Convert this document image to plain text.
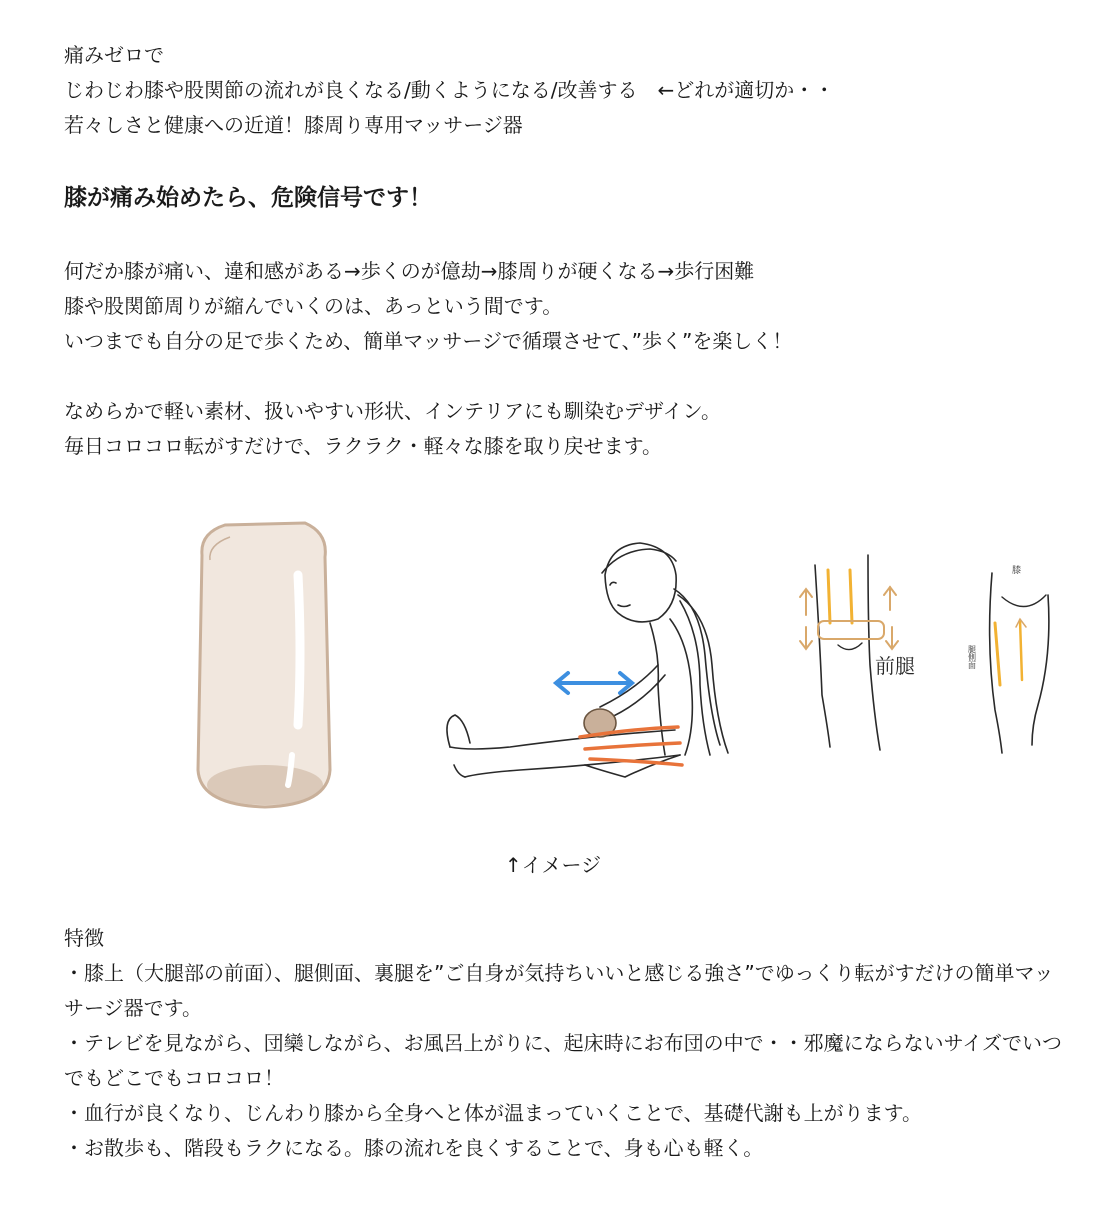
痛みゼロで

じわじわ膝や股関節の流れが良くなる/動くようになる/改善する　←どれが適切か・・

若々しさと健康への近道！膝周り専用マッサージ器

膝が痛み始めたら、危険信号です！

何だか膝が痛い、違和感がある→歩くのが億劫→膝周りが硬くなる→歩行困難

膝や股関節周りが縮んでいくのは、あっという間です。

いつまでも自分の足で歩くため、簡単マッサージで循環させて、”歩く”を楽しく！

なめらかで軽い素材、扱いやすい形状、インテリアにも馴染むデザイン。

毎日コロコロ転がすだけで、ラクラク・軽々な膝を取り戻せます。

前腿
膝
腿側面
↑イメージ

特徴

・膝上（大腿部の前面）、腿側面、裏腿を”ご自身が気持ちいいと感じる強さ”でゆっくり転がすだけの簡単マッサージ器です。

・テレビを見ながら、団欒しながら、お風呂上がりに、起床時にお布団の中で・・邪魔にならないサイズでいつでもどこでもコロコロ！

・血行が良くなり、じんわり膝から全身へと体が温まっていくことで、基礎代謝も上がります。

・お散歩も、階段もラクになる。膝の流れを良くすることで、身も心も軽く。
